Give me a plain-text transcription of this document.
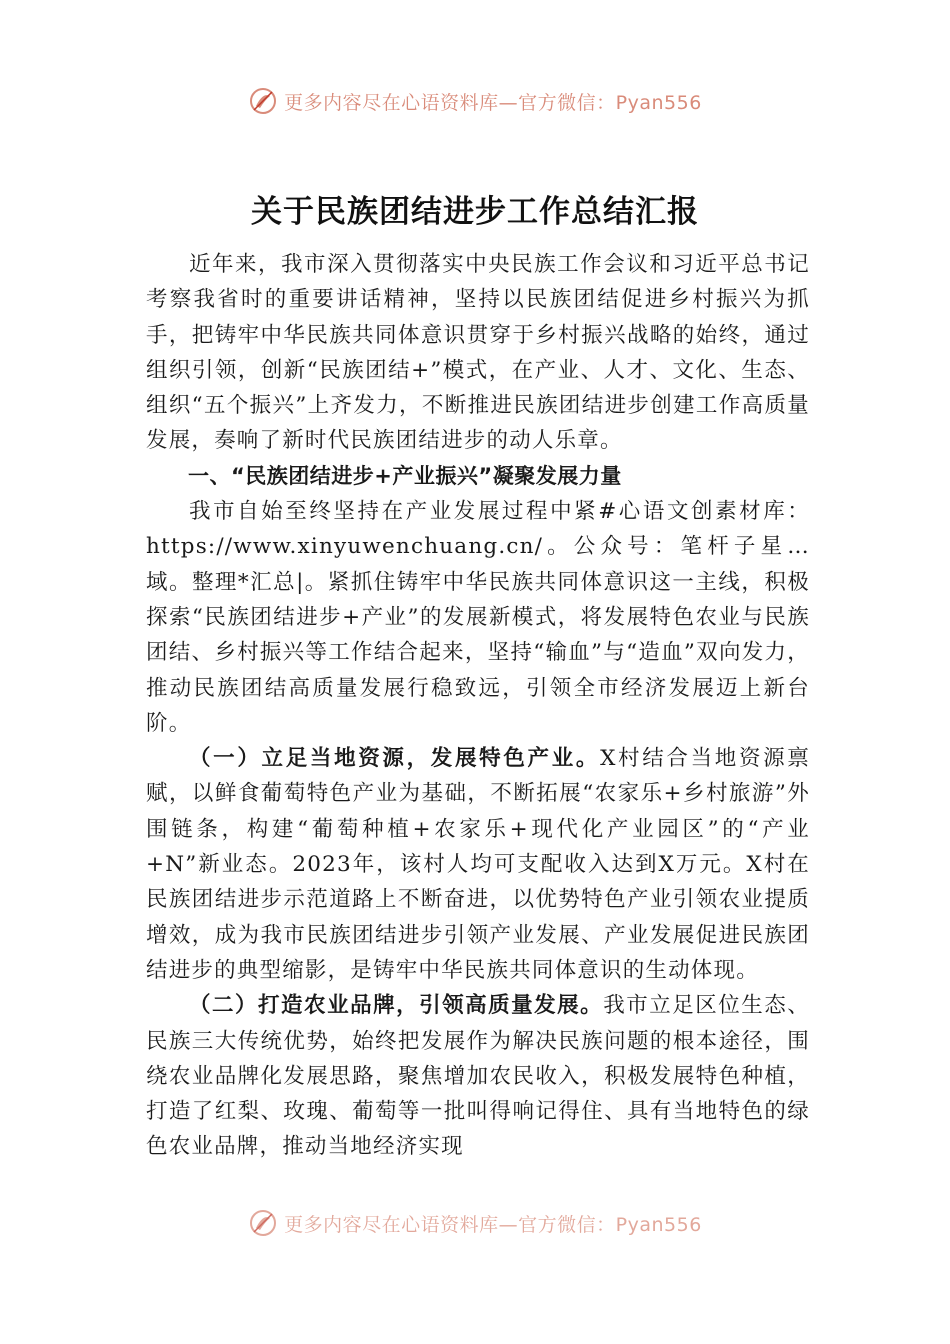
更多内容尽在心语资料库—官方微信：Pyan556
关于民族团结进步工作总结汇报

近年来，我市深入贯彻落实中央民族工作会议和习近平总书记考察我省时的重要讲话精神，坚持以民族团结促进乡村振兴为抓手，把铸牢中华民族共同体意识贯穿于乡村振兴战略的始终，通过组织引领，创新“民族团结+”模式，在产业、人才、文化、生态、组织“五个振兴”上齐发力，不断推进民族团结进步创建工作高质量发展，奏响了新时代民族团结进步的动人乐章。

一、“民族团结进步+产业振兴”凝聚发展力量

我市自始至终坚持在产业发展过程中紧#心语文创素材库：https://www.xinyuwenchuang.cn/。公众号：笔杆子星…域。整理*汇总|。紧抓住铸牢中华民族共同体意识这一主线，积极探索“民族团结进步+产业”的发展新模式，将发展特色农业与民族团结、乡村振兴等工作结合起来，坚持“输血”与“造血”双向发力，推动民族团结高质量发展行稳致远，引领全市经济发展迈上新台阶。

（一）立足当地资源，发展特色产业。X村结合当地资源禀赋，以鲜食葡萄特色产业为基础，不断拓展“农家乐+乡村旅游”外围链条，构建“葡萄种植+农家乐+现代化产业园区”的“产业+N”新业态。2023年，该村人均可支配收入达到X万元。X村在民族团结进步示范道路上不断奋进，以优势特色产业引领农业提质增效，成为我市民族团结进步引领产业发展、产业发展促进民族团结进步的典型缩影，是铸牢中华民族共同体意识的生动体现。

（二）打造农业品牌，引领高质量发展。我市立足区位生态、民族三大传统优势，始终把发展作为解决民族问题的根本途径，围绕农业品牌化发展思路，聚焦增加农民收入，积极发展特色种植，打造了红梨、玫瑰、葡萄等一批叫得响记得住、具有当地特色的绿色农业品牌，推动当地经济实现

更多内容尽在心语资料库—官方微信：Pyan556
